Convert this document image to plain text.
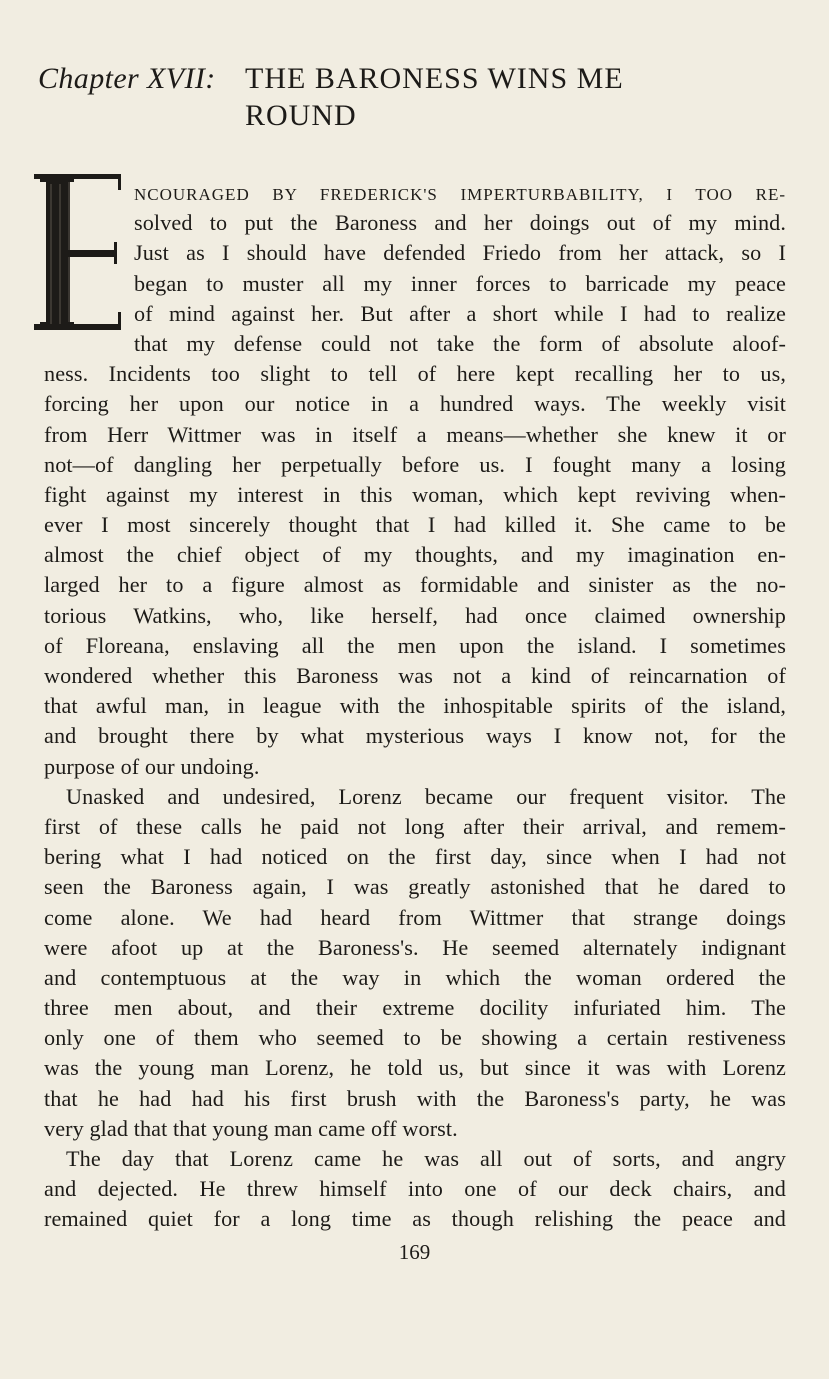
Chapter XVII: THE BARONESS WINS ME
ROUND
NCOURAGED BY FREDERICK'S IMPERTURBABILITY, I TOO RE-
solved to put the Baroness and her doings out of my mind.
Just as I should have defended Friedo from her attack, so I
began to muster all my inner forces to barricade my peace
of mind against her. But after a short while I had to realize
that my defense could not take the form of absolute aloof-
ness. Incidents too slight to tell of here kept recalling her to us,
forcing her upon our notice in a hundred ways. The weekly visit
from Herr Wittmer was in itself a means—whether she knew it or
not—of dangling her perpetually before us. I fought many a losing
fight against my interest in this woman, which kept reviving when-
ever I most sincerely thought that I had killed it. She came to be
almost the chief object of my thoughts, and my imagination en-
larged her to a figure almost as formidable and sinister as the no-
torious Watkins, who, like herself, had once claimed ownership
of Floreana, enslaving all the men upon the island. I sometimes
wondered whether this Baroness was not a kind of reincarnation of
that awful man, in league with the inhospitable spirits of the island,
and brought there by what mysterious ways I know not, for the
purpose of our undoing.
Unasked and undesired, Lorenz became our frequent visitor. The
first of these calls he paid not long after their arrival, and remem-
bering what I had noticed on the first day, since when I had not
seen the Baroness again, I was greatly astonished that he dared to
come alone. We had heard from Wittmer that strange doings
were afoot up at the Baroness's. He seemed alternately indignant
and contemptuous at the way in which the woman ordered the
three men about, and their extreme docility infuriated him. The
only one of them who seemed to be showing a certain restiveness
was the young man Lorenz, he told us, but since it was with Lorenz
that he had had his first brush with the Baroness's party, he was
very glad that that young man came off worst.
The day that Lorenz came he was all out of sorts, and angry
and dejected. He threw himself into one of our deck chairs, and
remained quiet for a long time as though relishing the peace and
169
